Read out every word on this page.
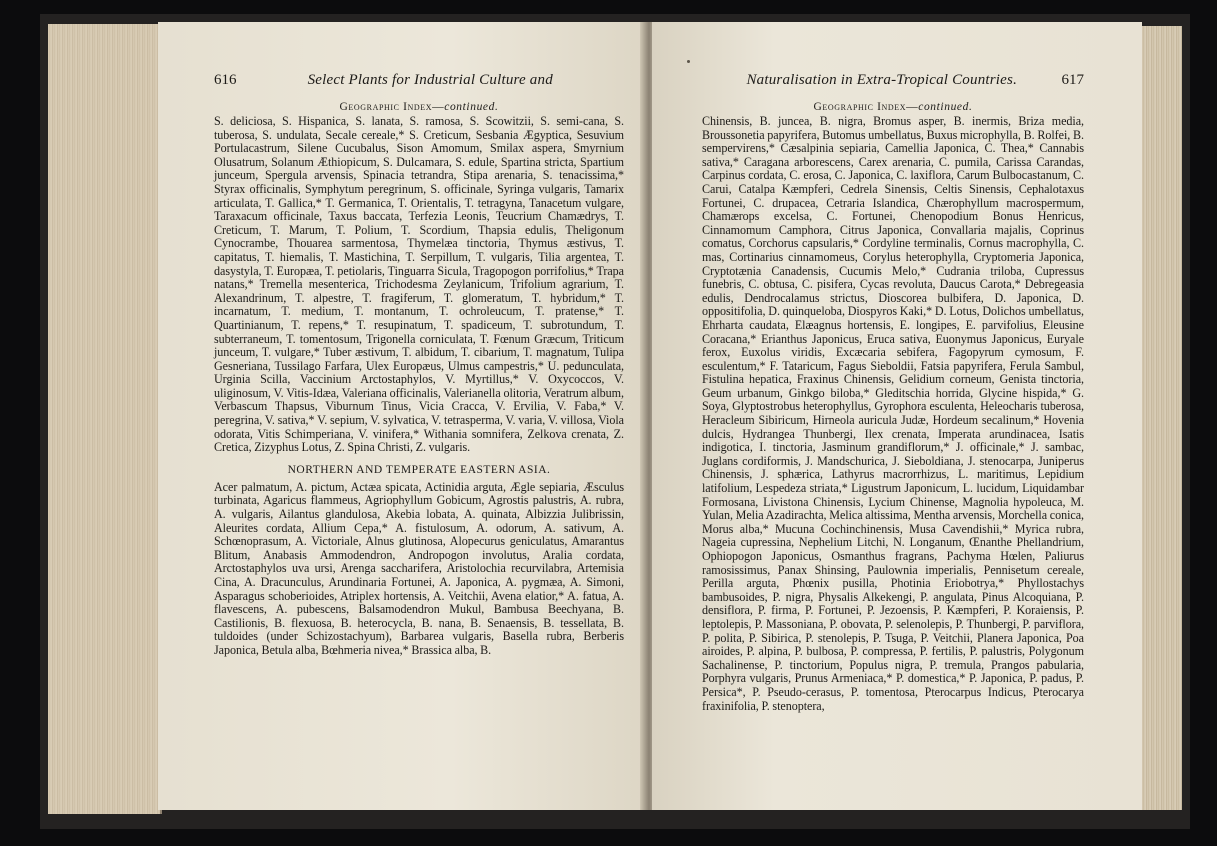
616	Select Plants for Industrial Culture and
Geographic Index—continued.
S. deliciosa, S. Hispanica, S. lanata, S. ramosa, S. Scowitzii, S. semi-cana, S. tuberosa, S. undulata, Secale cereale,* S. Creticum, Sesbania Ægyptica, Sesuvium Portulacastrum, Silene Cucubalus, Sison Amomum, Smilax aspera, Smyrnium Olusatrum, Solanum Æthiopicum, S. Dulcamara, S. edule, Spartina stricta, Spartium junceum, Spergula arvensis, Spinacia tetrandra, Stipa arenaria, S. tenacissima,* Styrax officinalis, Symphytum peregrinum, S. officinale, Syringa vulgaris, Tamarix articulata, T. Gallica,* T. Germanica, T. Orientalis, T. tetragyna, Tanacetum vulgare, Taraxacum officinale, Taxus baccata, Terfezia Leonis, Teucrium Chamædrys, T. Creticum, T. Marum, T. Polium, T. Scordium, Thapsia edulis, Theligonum Cynocrambe, Thouarea sarmentosa, Thymelæa tinctoria, Thymus æstivus, T. capitatus, T. hiemalis, T. Mastichina, T. Serpillum, T. vulgaris, Tilia argentea, T. dasystyla, T. Europæa, T. petiolaris, Tinguarra Sicula, Tragopogon porrifolius,* Trapa natans,* Tremella mesenterica, Trichodesma Zeylanicum, Trifolium agrarium, T. Alexandrinum, T. alpestre, T. fragiferum, T. glomeratum, T. hybridum,* T. incarnatum, T. medium, T. montanum, T. ochroleucum, T. pratense,* T. Quartinianum, T. repens,* T. resupinatum, T. spadiceum, T. subrotundum, T. subterraneum, T. tomentosum, Trigonella corniculata, T. Fœnum Græcum, Triticum junceum, T. vulgare,* Tuber æstivum, T. albidum, T. cibarium, T. magnatum, Tulipa Gesneriana, Tussilago Farfara, Ulex Europæus, Ulmus campestris,* U. pedunculata, Urginia Scilla, Vaccinium Arctostaphylos, V. Myrtillus,* V. Oxycoccos, V. uliginosum, V. Vitis-Idæa, Valeriana officinalis, Valerianella olitoria, Veratrum album, Verbascum Thapsus, Viburnum Tinus, Vicia Cracca, V. Ervilia, V. Faba,* V. peregrina, V. sativa,* V. sepium, V. sylvatica, V. tetrasperma, V. varia, V. villosa, Viola odorata, Vitis Schimperiana, V. vinifera,* Withania somnifera, Zelkova crenata, Z. Cretica, Zizyphus Lotus, Z. Spina Christi, Z. vulgaris.
NORTHERN AND TEMPERATE EASTERN ASIA.
Acer palmatum, A. pictum, Actæa spicata, Actinidia arguta, Ægle sepiaria, Æsculus turbinata, Agaricus flammeus, Agriophyllum Gobicum, Agrostis palustris, A. rubra, A. vulgaris, Ailantus glandulosa, Akebia lobata, A. quinata, Albizzia Julibrissin, Aleurites cordata, Allium Cepa,* A. fistulosum, A. odorum, A. sativum, A. Schœnoprasum, A. Victoriale, Alnus glutinosa, Alopecurus geniculatus, Amarantus Blitum, Anabasis Ammodendron, Andropogon involutus, Aralia cordata, Arctostaphylos uva ursi, Arenga saccharifera, Aristolochia recurvilabra, Artemisia Cina, A. Dracunculus, Arundinaria Fortunei, A. Japonica, A. pygmæa, A. Simoni, Asparagus schoberioides, Atriplex hortensis, A. Veitchii, Avena elatior,* A. fatua, A. flavescens, A. pubescens, Balsamodendron Mukul, Bambusa Beechyana, B. Castilionis, B. flexuosa, B. heterocycla, B. nana, B. Senaensis, B. tessellata, B. tuldoides (under Schizostachyum), Barbarea vulgaris, Basella rubra, Berberis Japonica, Betula alba, Bœhmeria nivea,* Brassica alba, B.
Naturalisation in Extra-Tropical Countries.	617
Geographic Index—continued.
Chinensis, B. juncea, B. nigra, Bromus asper, B. inermis, Briza media, Broussonetia papyrifera, Butomus umbellatus, Buxus microphylla, B. Rolfei, B. sempervirens,* Cæsalpinia sepiaria, Camellia Japonica, C. Thea,* Cannabis sativa,* Caragana arborescens, Carex arenaria, C. pumila, Carissa Carandas, Carpinus cordata, C. erosa, C. Japonica, C. laxiflora, Carum Bulbocastanum, C. Carui, Catalpa Kæmpferi, Cedrela Sinensis, Celtis Sinensis, Cephalotaxus Fortunei, C. drupacea, Cetraria Islandica, Chærophyllum macrospermum, Chamærops excelsa, C. Fortunei, Chenopodium Bonus Henricus, Cinnamomum Camphora, Citrus Japonica, Convallaria majalis, Coprinus comatus, Corchorus capsularis,* Cordyline terminalis, Cornus macrophylla, C. mas, Cortinarius cinnamomeus, Corylus heterophylla, Cryptomeria Japonica, Cryptotænia Canadensis, Cucumis Melo,* Cudrania triloba, Cupressus funebris, C. obtusa, C. pisifera, Cycas revoluta, Daucus Carota,* Debregeasia edulis, Dendrocalamus strictus, Dioscorea bulbifera, D. Japonica, D. oppositifolia, D. quinqueloba, Diospyros Kaki,* D. Lotus, Dolichos umbellatus, Ehrharta caudata, Elæagnus hortensis, E. longipes, E. parvifolius, Eleusine Coracana,* Erianthus Japonicus, Eruca sativa, Euonymus Japonicus, Euryale ferox, Euxolus viridis, Excæcaria sebifera, Fagopyrum cymosum, F. esculentum,* F. Tataricum, Fagus Sieboldii, Fatsia papyrifera, Ferula Sambul, Fistulina hepatica, Fraxinus Chinensis, Gelidium corneum, Genista tinctoria, Geum urbanum, Ginkgo biloba,* Gleditschia horrida, Glycine hispida,* G. Soya, Glyptostrobus heterophyllus, Gyrophora esculenta, Heleocharis tuberosa, Heracleum Sibiricum, Hirneola auricula Judæ, Hordeum secalinum,* Hovenia dulcis, Hydrangea Thunbergi, Ilex crenata, Imperata arundinacea, Isatis indigotica, I. tinctoria, Jasminum grandiflorum,* J. officinale,* J. sambac, Juglans cordiformis, J. Mandschurica, J. Sieboldiana, J. stenocarpa, Juniperus Chinensis, J. sphærica, Lathyrus macrorrhizus, L. maritimus, Lepidium latifolium, Lespedeza striata,* Ligustrum Japonicum, L. lucidum, Liquidambar Formosana, Livistona Chinensis, Lycium Chinense, Magnolia hypoleuca, M. Yulan, Melia Azadirachta, Melica altissima, Mentha arvensis, Morchella conica, Morus alba,* Mucuna Cochinchinensis, Musa Cavendishii,* Myrica rubra, Nageia cupressina, Nephelium Litchi, N. Longanum, Œnanthe Phellandrium, Ophiopogon Japonicus, Osmanthus fragrans, Pachyma Hœlen, Paliurus ramosissimus, Panax Shinsing, Paulownia imperialis, Pennisetum cereale, Perilla arguta, Phœnix pusilla, Photinia Eriobotrya,* Phyllostachys bambusoides, P. nigra, Physalis Alkekengi, P. angulata, Pinus Alcoquiana, P. densiflora, P. firma, P. Fortunei, P. Jezoensis, P. Kæmpferi, P. Koraiensis, P. leptolepis, P. Massoniana, P. obovata, P. selenolepis, P. Thunbergi, P. parviflora, P. polita, P. Sibirica, P. stenolepis, P. Tsuga, P. Veitchii, Planera Japonica, Poa airoides, P. alpina, P. bulbosa, P. compressa, P. fertilis, P. palustris, Polygonum Sachalinense, P. tinctorium, Populus nigra, P. tremula, Prangos pabularia, Porphyra vulgaris, Prunus Armeniaca,* P. domestica,* P. Japonica, P. padus, P. Persica*, P. Pseudo-cerasus, P. tomentosa, Pterocarpus Indicus, Pterocarya fraxinifolia, P. stenoptera,
